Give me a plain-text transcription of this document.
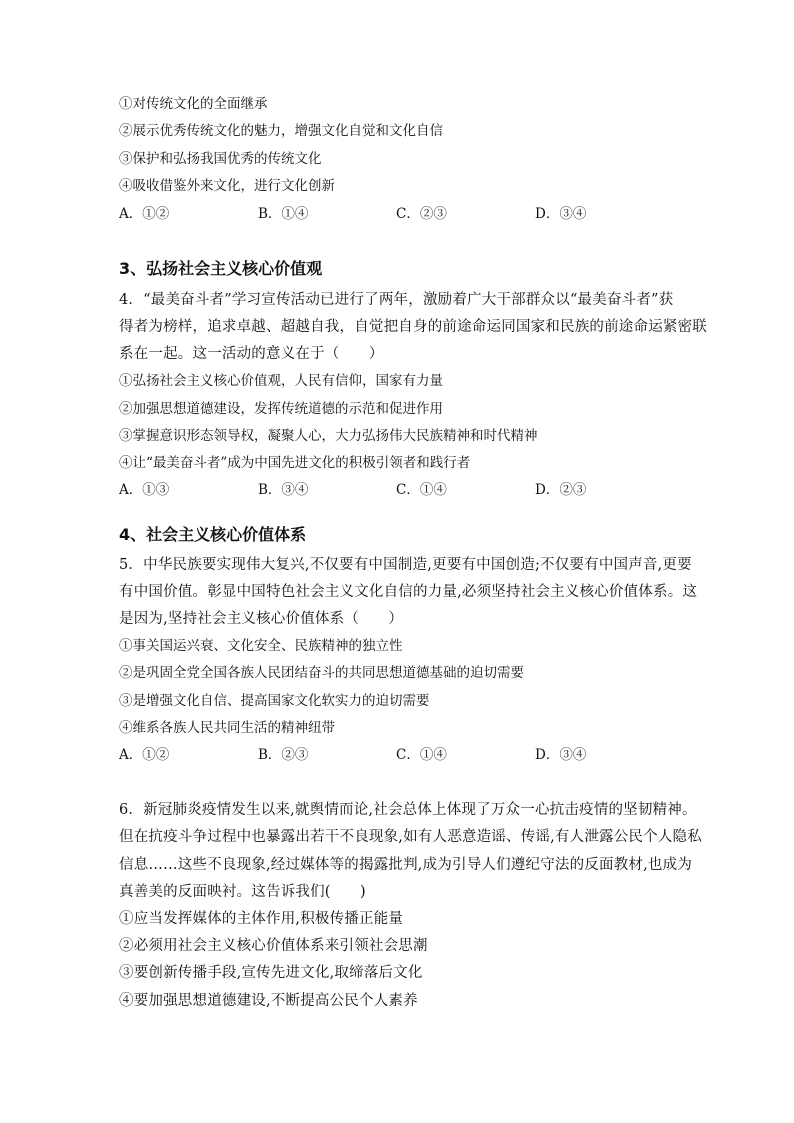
①对传统文化的全面继承
②展示优秀传统文化的魅力，增强文化自觉和文化自信
③保护和弘扬我国优秀的传统文化
④吸收借鉴外来文化，进行文化创新
A．①②	B．①④	C．②③	D．③④
3、弘扬社会主义核心价值观
4．“最美奋斗者”学习宣传活动已进行了两年，激励着广大干部群众以“最美奋斗者”获
得者为榜样，追求卓越、超越自我，自觉把自身的前途命运同国家和民族的前途命运紧密联
系在一起。这一活动的意义在于（　　）
①弘扬社会主义核心价值观，人民有信仰，国家有力量
②加强思想道德建设，发挥传统道德的示范和促进作用
③掌握意识形态领导权，凝聚人心，大力弘扬伟大民族精神和时代精神
④让“最美奋斗者”成为中国先进文化的积极引领者和践行者
A．①③	B．③④	C．①④	D．②③
4、社会主义核心价值体系
5．中华民族要实现伟大复兴,不仅要有中国制造,更要有中国创造;不仅要有中国声音,更要
有中国价值。彰显中国特色社会主义文化自信的力量,必须坚持社会主义核心价值体系。这
是因为,坚持社会主义核心价值体系（　　）
①事关国运兴衰、文化安全、民族精神的独立性
②是巩固全党全国各族人民团结奋斗的共同思想道德基础的迫切需要
③是增强文化自信、提高国家文化软实力的迫切需要
④维系各族人民共同生活的精神纽带
A．①②	B．②③	C．①④	D．③④
6．新冠肺炎疫情发生以来,就舆情而论,社会总体上体现了万众一心抗击疫情的坚韧精神。
但在抗疫斗争过程中也暴露出若干不良现象,如有人恶意造谣、传谣,有人泄露公民个人隐私
信息……这些不良现象,经过媒体等的揭露批判,成为引导人们遵纪守法的反面教材,也成为
真善美的反面映衬。这告诉我们(　　)
①应当发挥媒体的主体作用,积极传播正能量
②必须用社会主义核心价值体系来引领社会思潮
③要创新传播手段,宣传先进文化,取缔落后文化
④要加强思想道德建设,不断提高公民个人素养
